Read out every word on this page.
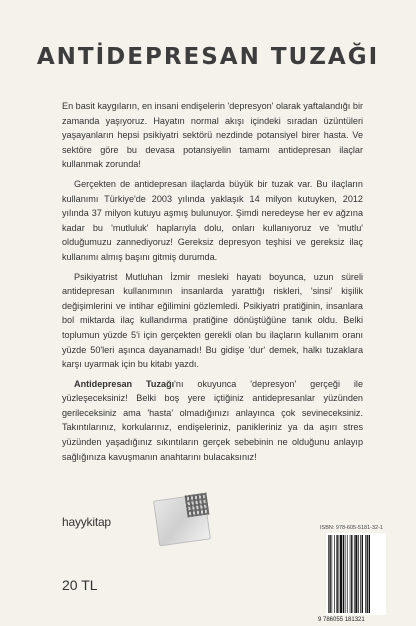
ANTİDEPRESAN TUZAĞI

En basit kaygıların, en insani endişelerin 'depresyon' olarak yaftalandığı bir zamanda yaşıyoruz. Hayatın normal akışı içindeki sıradan üzüntüleri yaşayanların hepsi psikiyatri sektörü nezdinde potansiyel birer hasta. Ve sektöre göre bu devasa potansiyelin tamamı antidepresan ilaçlar kullanmak zorunda!

Gerçekten de antidepresan ilaçlarda büyük bir tuzak var. Bu ilaçların kullanımı Türkiye'de 2003 yılında yaklaşık 14 milyon kutuyken, 2012 yılında 37 milyon kutuyu aşmış bulunuyor. Şimdi neredeyse her ev ağzına kadar bu 'mutluluk' haplarıyla dolu, onları kullanıyoruz ve 'mutlu' olduğumuzu zannediyoruz! Gereksiz depresyon teşhisi ve gereksiz ilaç kullanımı almış başını gitmiş durumda.

Psikiyatrist Mutluhan İzmir mesleki hayatı boyunca, uzun süreli antidepresan kullanımının insanlarda yarattığı riskleri, 'sinsi' kişilik değişimlerini ve intihar eğilimini gözlemledi. Psikiyatri pratiğinin, insanlara bol miktarda ilaç kullandırma pratiğine dönüştüğüne tanık oldu. Belki toplumun yüzde 5'i için gerçekten gerekli olan bu ilaçların kullanım oranı yüzde 50'leri aşınca dayanamadı! Bu gidişe 'dur' demek, halkı tuzaklara karşı uyarmak için bu kitabı yazdı.

Antidepresan Tuzağı'nı okuyunca 'depresyon' gerçeği ile yüzleşeceksiniz! Belki boş yere içtiğiniz antidepresanlar yüzünden gerileceksiniz ama 'hasta' olmadığınızı anlayınca çok sevineceksiniz. Takıntılarınız, korkularınız, endişeleriniz, panikleriniz ya da aşırı stres yüzünden yaşadığınız sıkıntıların gerçek sebebinin ne olduğunu anlayıp sağlığınıza kavuşmanın anahtarını bulacaksınız!

hayykitap
20 TL
ISBN: 978-605-5181-32-1
9 786055 181321
